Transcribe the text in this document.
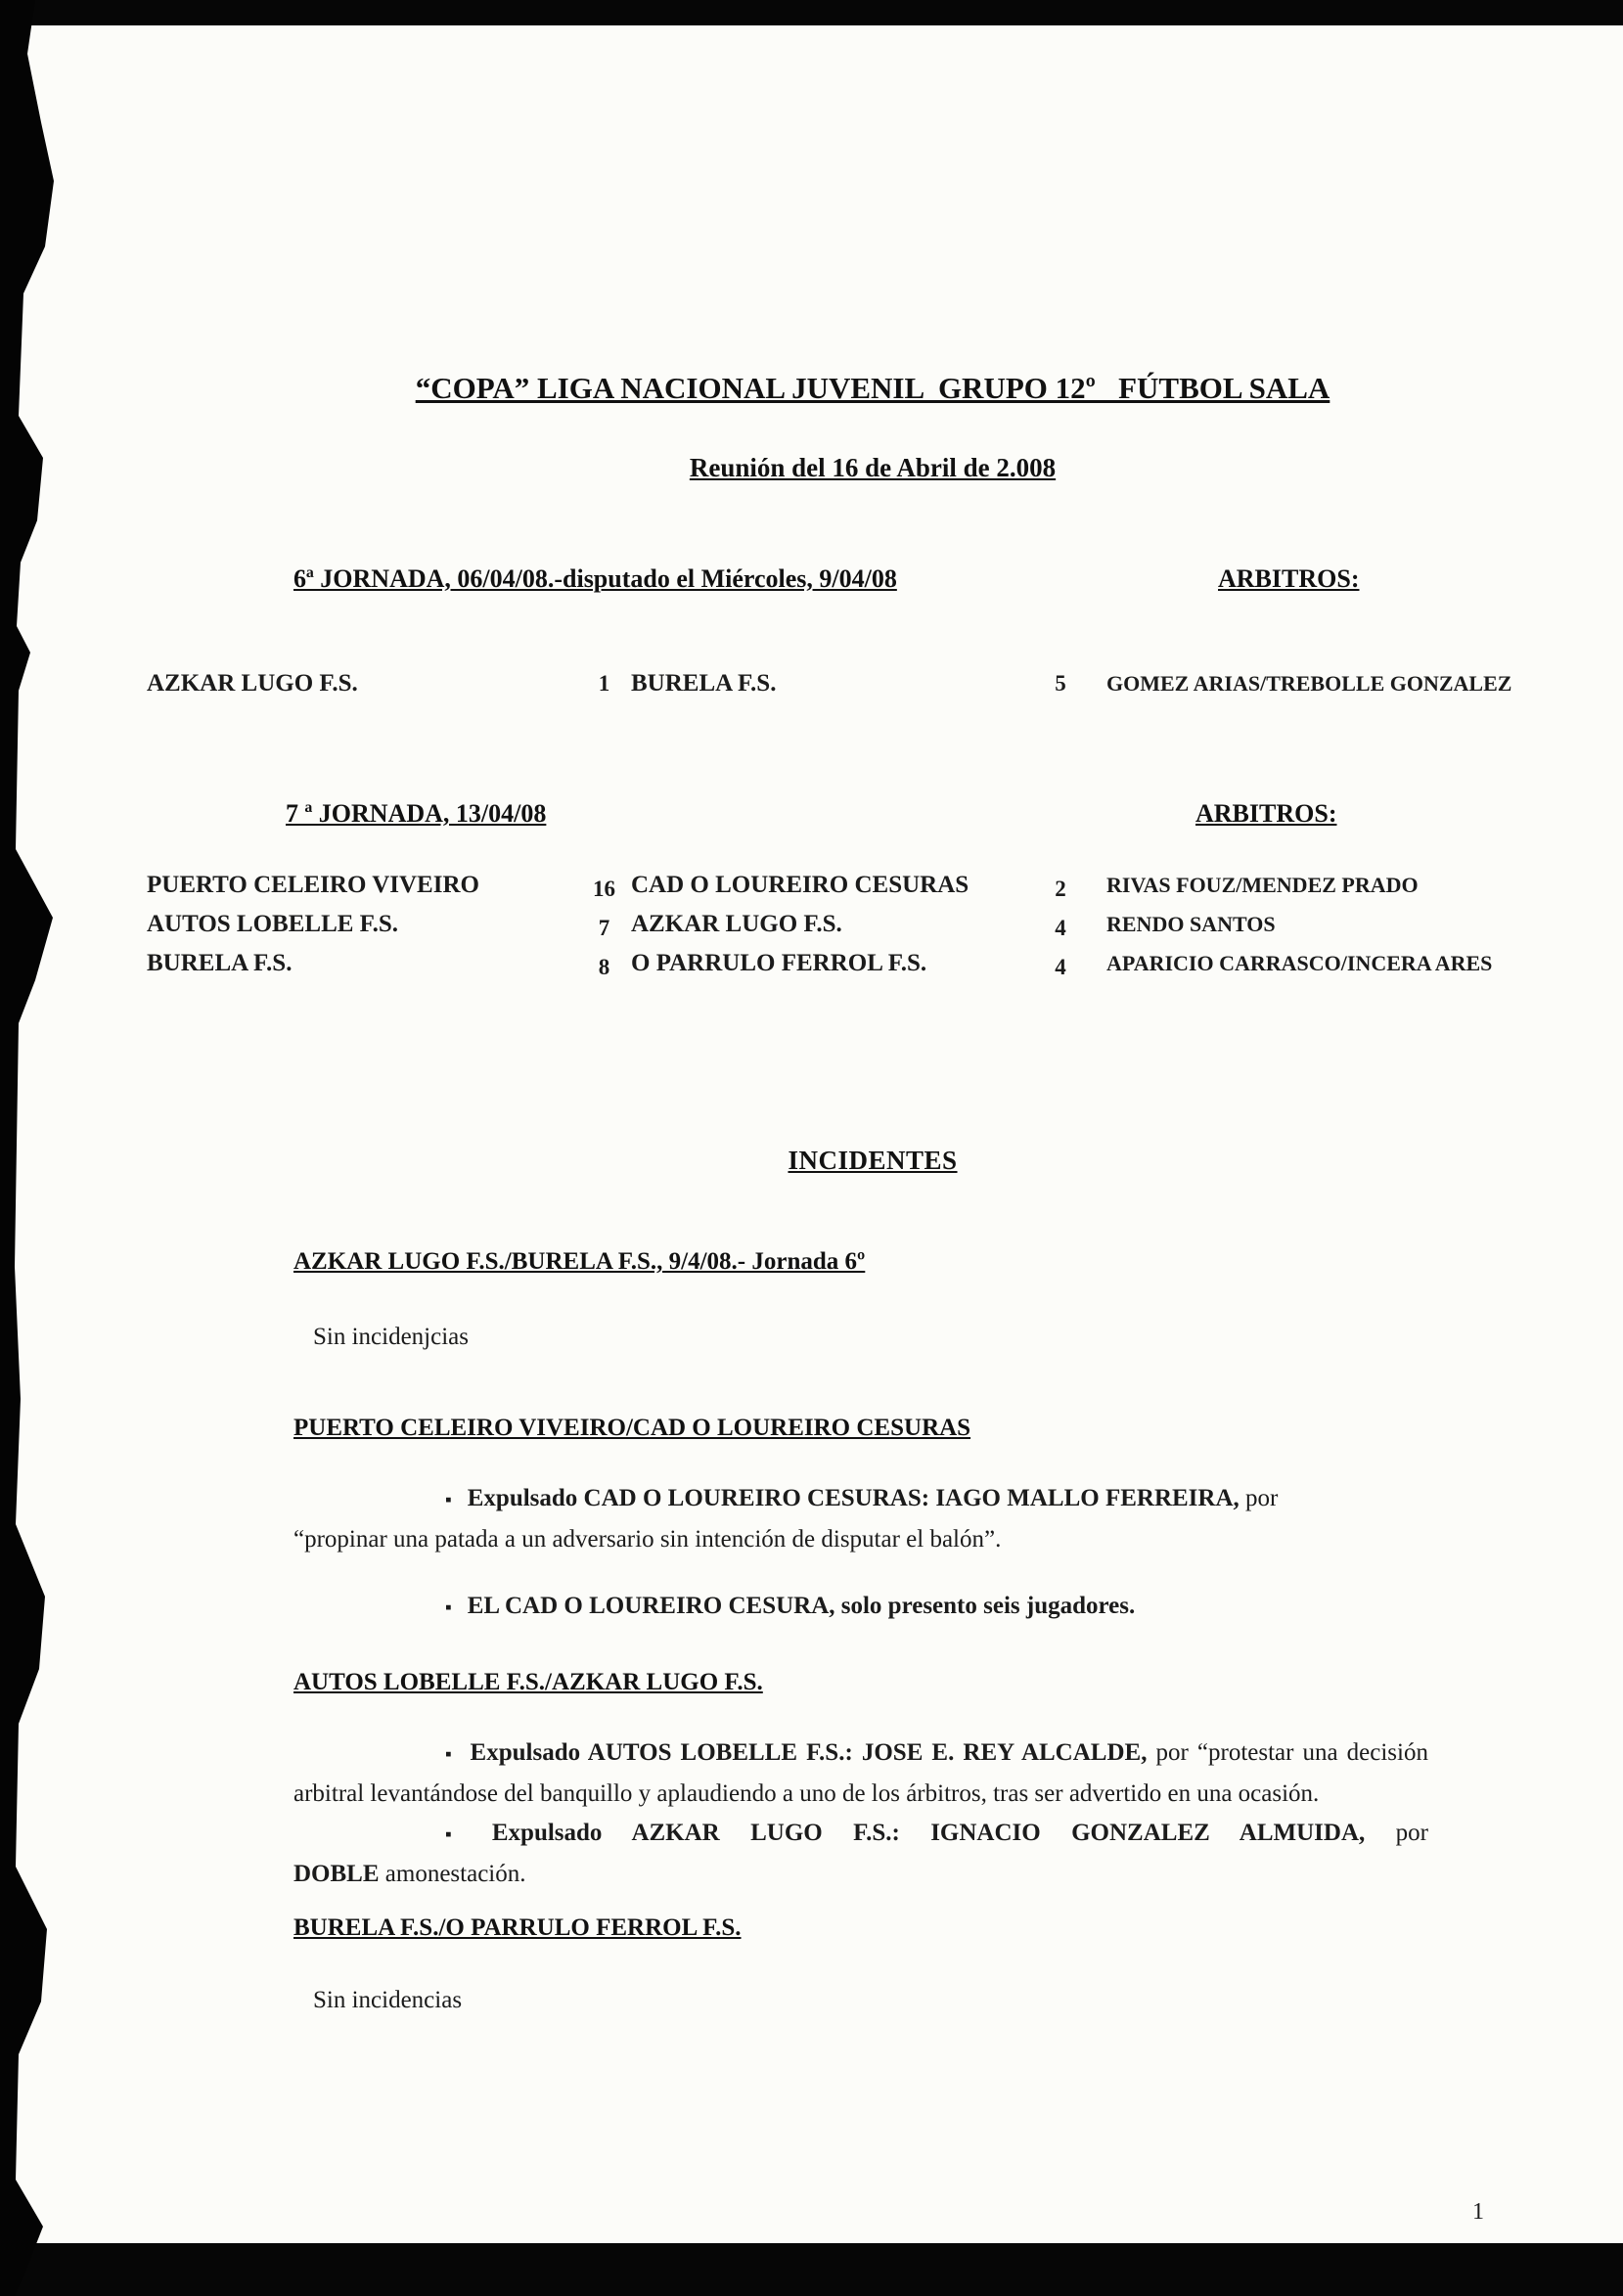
“COPA” LIGA NACIONAL JUVENIL  GRUPO 12º   FÚTBOL SALA
Reunión del 16 de Abril de 2.008
6ª JORNADA, 06/04/08.-disputado el Miércoles, 9/04/08	ARBITROS:
AZKAR LUGO F.S.	1 BURELA F.S.	5	GOMEZ ARIAS/TREBOLLE GONZALEZ
7 ª JORNADA, 13/04/08	ARBITROS:
PUERTO CELEIRO VIVEIRO	16 CAD O LOUREIRO CESURAS	2	RIVAS FOUZ/MENDEZ PRADO
AUTOS LOBELLE F.S.	7 AZKAR LUGO F.S.	4	RENDO SANTOS
BURELA F.S.	8 O PARRULO FERROL F.S.	4	APARICIO CARRASCO/INCERA ARES
INCIDENTES
AZKAR LUGO F.S./BURELA F.S., 9/4/08.- Jornada 6º

Sin incidenjcias

PUERTO CELEIRO VIVEIRO/CAD O LOUREIRO CESURAS

▪ Expulsado CAD O LOUREIRO CESURAS: IAGO MALLO FERREIRA, por
“propinar una patada a un adversario sin intención de disputar el balón”.

▪ EL CAD O LOUREIRO CESURA, solo presento seis jugadores.

AUTOS LOBELLE F.S./AZKAR LUGO F.S.

▪ Expulsado AUTOS LOBELLE F.S.: JOSE E. REY ALCALDE, por “protestar una decisión arbitral levantándose del banquillo y aplaudiendo a uno de los árbitros, tras ser advertido en una ocasión.

▪ Expulsado AZKAR LUGO F.S.: IGNACIO GONZALEZ ALMUIDA, por
DOBLE amonestación.

BURELA F.S./O PARRULO FERROL F.S.

Sin incidencias

1
